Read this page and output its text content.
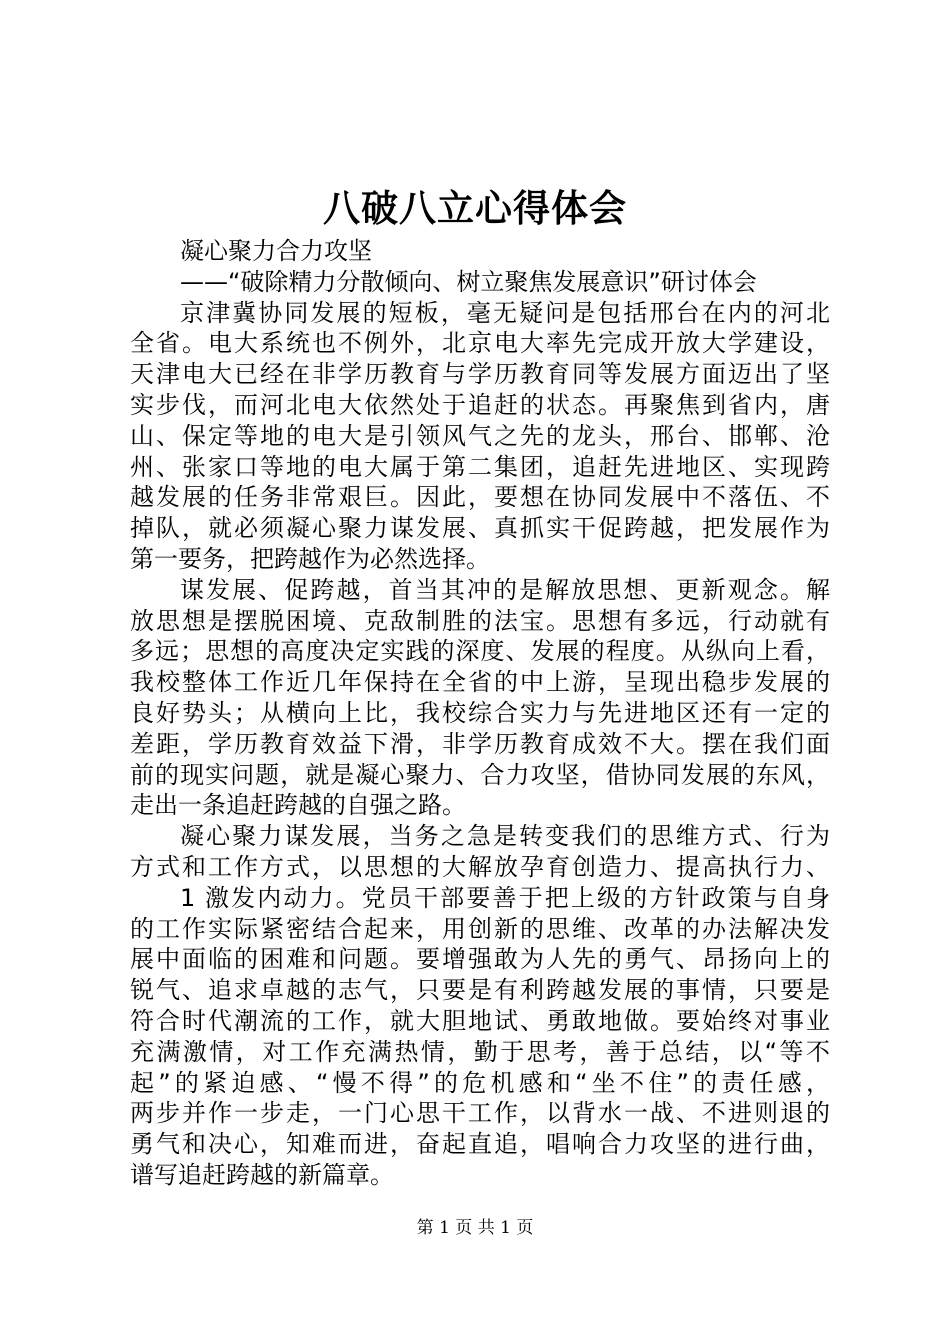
八破八立心得体会
凝心聚力合力攻坚
——“破除精力分散倾向、树立聚焦发展意识”研讨体会
京津冀协同发展的短板，毫无疑问是包括邢台在内的河北
全省。电大系统也不例外，北京电大率先完成开放大学建设，
天津电大已经在非学历教育与学历教育同等发展方面迈出了坚
实步伐，而河北电大依然处于追赶的状态。再聚焦到省内，唐
山、保定等地的电大是引领风气之先的龙头，邢台、邯郸、沧
州、张家口等地的电大属于第二集团，追赶先进地区、实现跨
越发展的任务非常艰巨。因此，要想在协同发展中不落伍、不
掉队，就必须凝心聚力谋发展、真抓实干促跨越，把发展作为
第一要务，把跨越作为必然选择。
谋发展、促跨越，首当其冲的是解放思想、更新观念。解
放思想是摆脱困境、克敌制胜的法宝。思想有多远，行动就有
多远；思想的高度决定实践的深度、发展的程度。从纵向上看，
我校整体工作近几年保持在全省的中上游，呈现出稳步发展的
良好势头；从横向上比，我校综合实力与先进地区还有一定的
差距，学历教育效益下滑，非学历教育成效不大。摆在我们面
前的现实问题，就是凝心聚力、合力攻坚，借协同发展的东风，
走出一条追赶跨越的自强之路。
凝心聚力谋发展，当务之急是转变我们的思维方式、行为
方式和工作方式，以思想的大解放孕育创造力、提高执行力、
1 激发内动力。党员干部要善于把上级的方针政策与自身
的工作实际紧密结合起来，用创新的思维、改革的办法解决发
展中面临的困难和问题。要增强敢为人先的勇气、昂扬向上的
锐气、追求卓越的志气，只要是有利跨越发展的事情，只要是
符合时代潮流的工作，就大胆地试、勇敢地做。要始终对事业
充满激情，对工作充满热情，勤于思考，善于总结，以“等不
起”的紧迫感、“慢不得”的危机感和“坐不住”的责任感，
两步并作一步走，一门心思干工作，以背水一战、不进则退的
勇气和决心，知难而进，奋起直追，唱响合力攻坚的进行曲，
谱写追赶跨越的新篇章。
第 1 页 共 1 页
